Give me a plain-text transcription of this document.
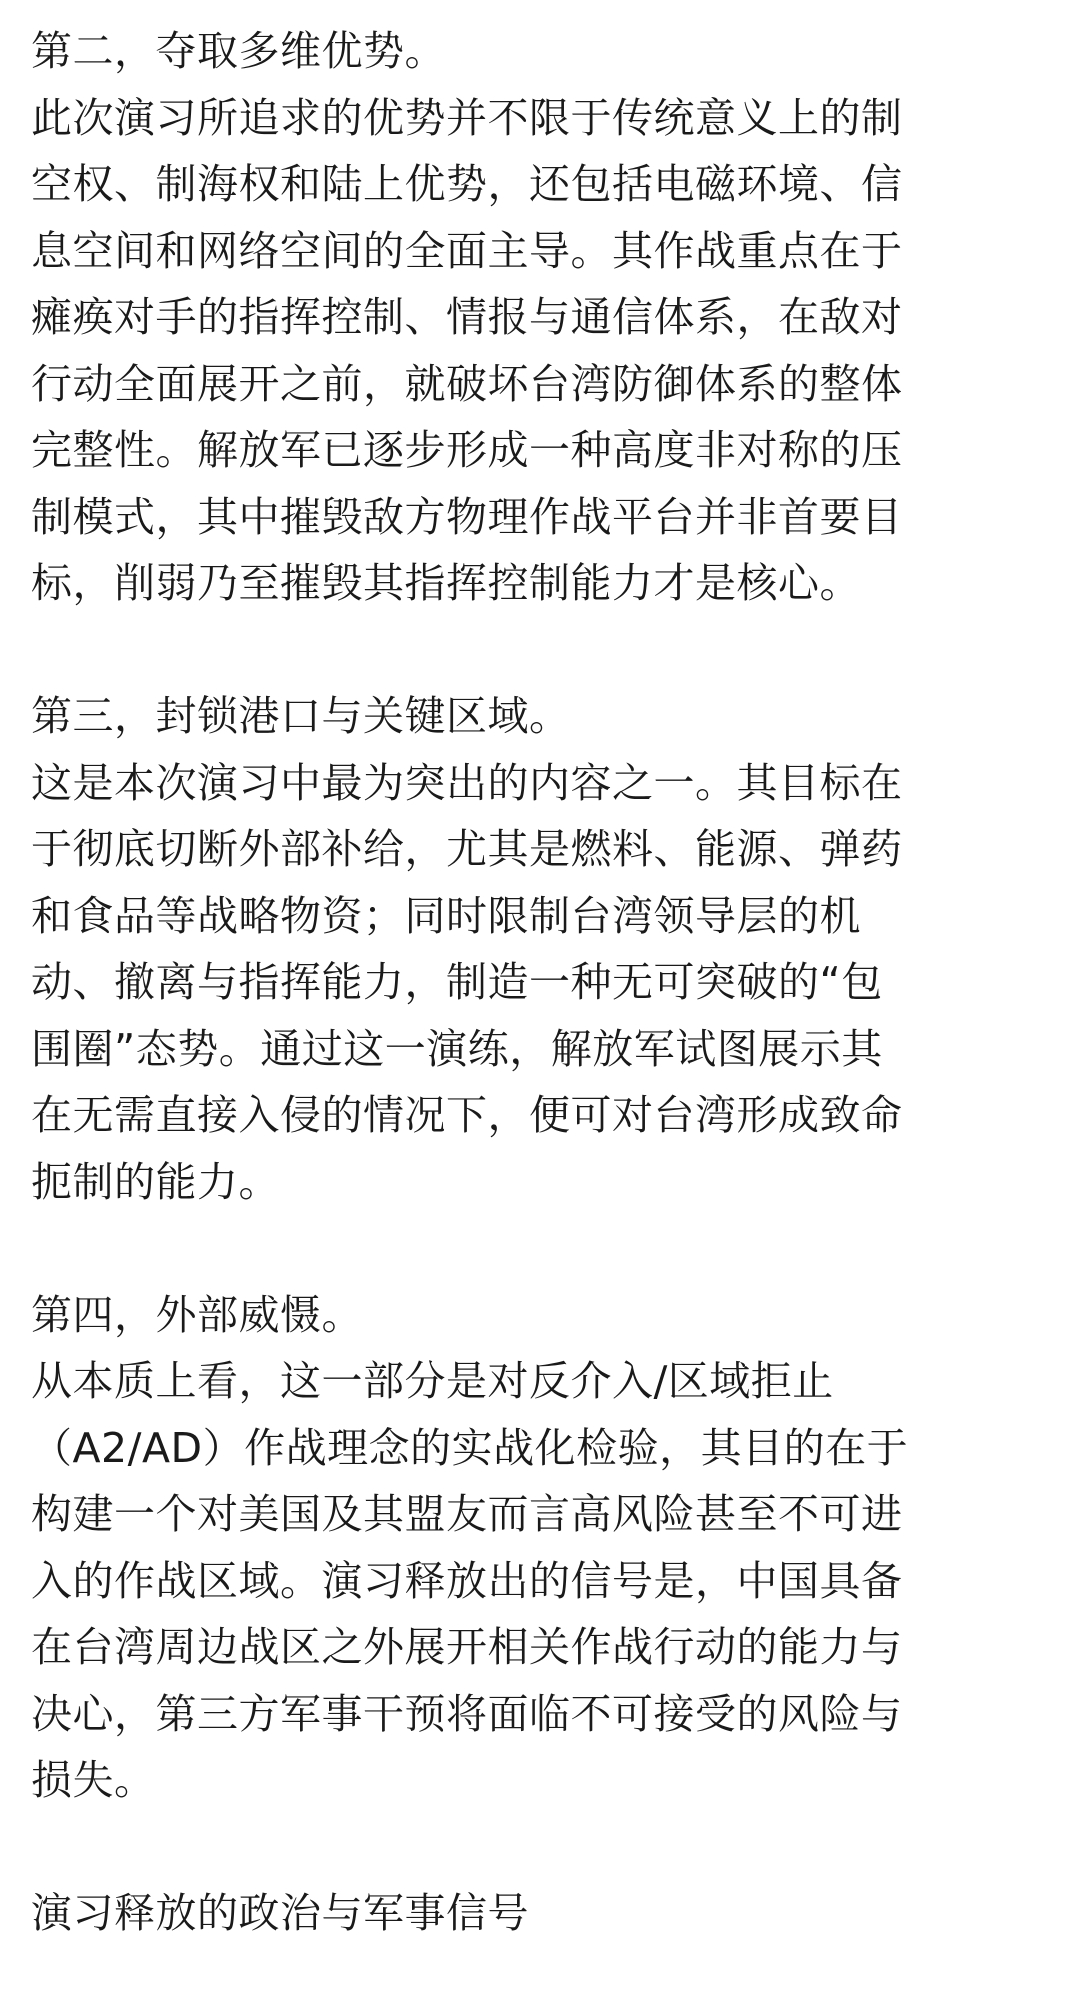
第二，夺取多维优势。
此次演习所追求的优势并不限于传统意义上的制
空权、制海权和陆上优势，还包括电磁环境、信
息空间和网络空间的全面主导。其作战重点在于
瘫痪对手的指挥控制、情报与通信体系，在敌对
行动全面展开之前，就破坏台湾防御体系的整体
完整性。解放军已逐步形成一种高度非对称的压
制模式，其中摧毁敌方物理作战平台并非首要目
标，削弱乃至摧毁其指挥控制能力才是核心。
第三，封锁港口与关键区域。
这是本次演习中最为突出的内容之一。其目标在
于彻底切断外部补给，尤其是燃料、能源、弹药
和食品等战略物资；同时限制台湾领导层的机
动、撤离与指挥能力，制造一种无可突破的“包
围圈”态势。通过这一演练，解放军试图展示其
在无需直接入侵的情况下，便可对台湾形成致命
扼制的能力。
第四，外部威慑。
从本质上看，这一部分是对反介入/区域拒止
（A2/AD）作战理念的实战化检验，其目的在于
构建一个对美国及其盟友而言高风险甚至不可进
入的作战区域。演习释放出的信号是，中国具备
在台湾周边战区之外展开相关作战行动的能力与
决心，第三方军事干预将面临不可接受的风险与
损失。
演习释放的政治与军事信号
